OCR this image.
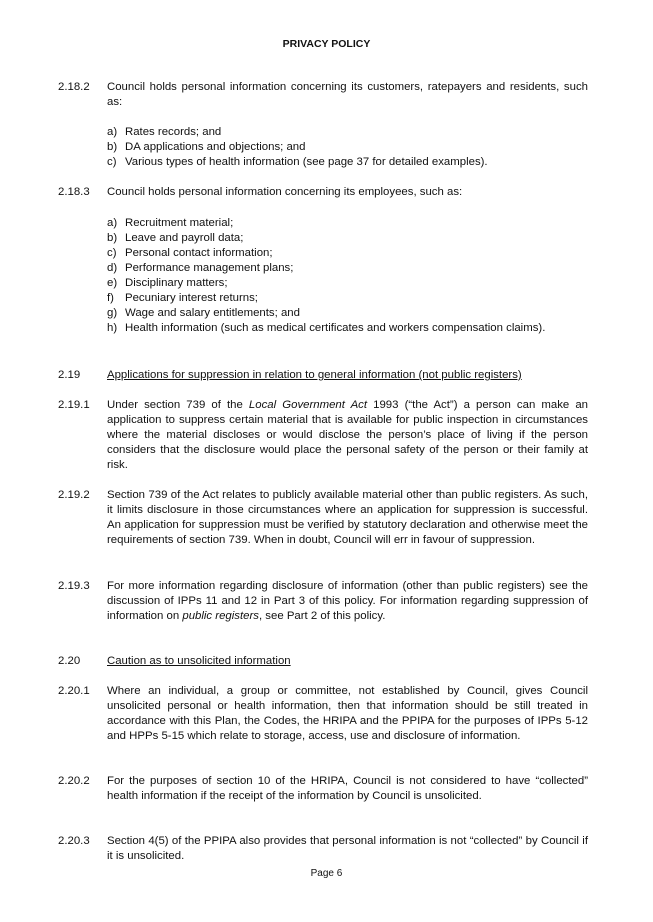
PRIVACY POLICY
2.18.2 Council holds personal information concerning its customers, ratepayers and residents, such as:
a) Rates records; and
b) DA applications and objections; and
c) Various types of health information (see page 37 for detailed examples).
2.18.3 Council holds personal information concerning its employees, such as:
a) Recruitment material;
b) Leave and payroll data;
c) Personal contact information;
d) Performance management plans;
e) Disciplinary matters;
f) Pecuniary interest returns;
g) Wage and salary entitlements; and
h) Health information (such as medical certificates and workers compensation claims).
2.19 Applications for suppression in relation to general information (not public registers)
2.19.1 Under section 739 of the Local Government Act 1993 (“the Act”) a person can make an application to suppress certain material that is available for public inspection in circumstances where the material discloses or would disclose the person’s place of living if the person considers that the disclosure would place the personal safety of the person or their family at risk.
2.19.2 Section 739 of the Act relates to publicly available material other than public registers. As such, it limits disclosure in those circumstances where an application for suppression is successful. An application for suppression must be verified by statutory declaration and otherwise meet the requirements of section 739. When in doubt, Council will err in favour of suppression.
2.19.3 For more information regarding disclosure of information (other than public registers) see the discussion of IPPs 11 and 12 in Part 3 of this policy. For information regarding suppression of information on public registers, see Part 2 of this policy.
2.20 Caution as to unsolicited information
2.20.1 Where an individual, a group or committee, not established by Council, gives Council unsolicited personal or health information, then that information should be still treated in accordance with this Plan, the Codes, the HRIPA and the PPIPA for the purposes of IPPs 5-12 and HPPs 5-15 which relate to storage, access, use and disclosure of information.
2.20.2 For the purposes of section 10 of the HRIPA, Council is not considered to have “collected” health information if the receipt of the information by Council is unsolicited.
2.20.3 Section 4(5) of the PPIPA also provides that personal information is not “collected” by Council if it is unsolicited.
Page 6
